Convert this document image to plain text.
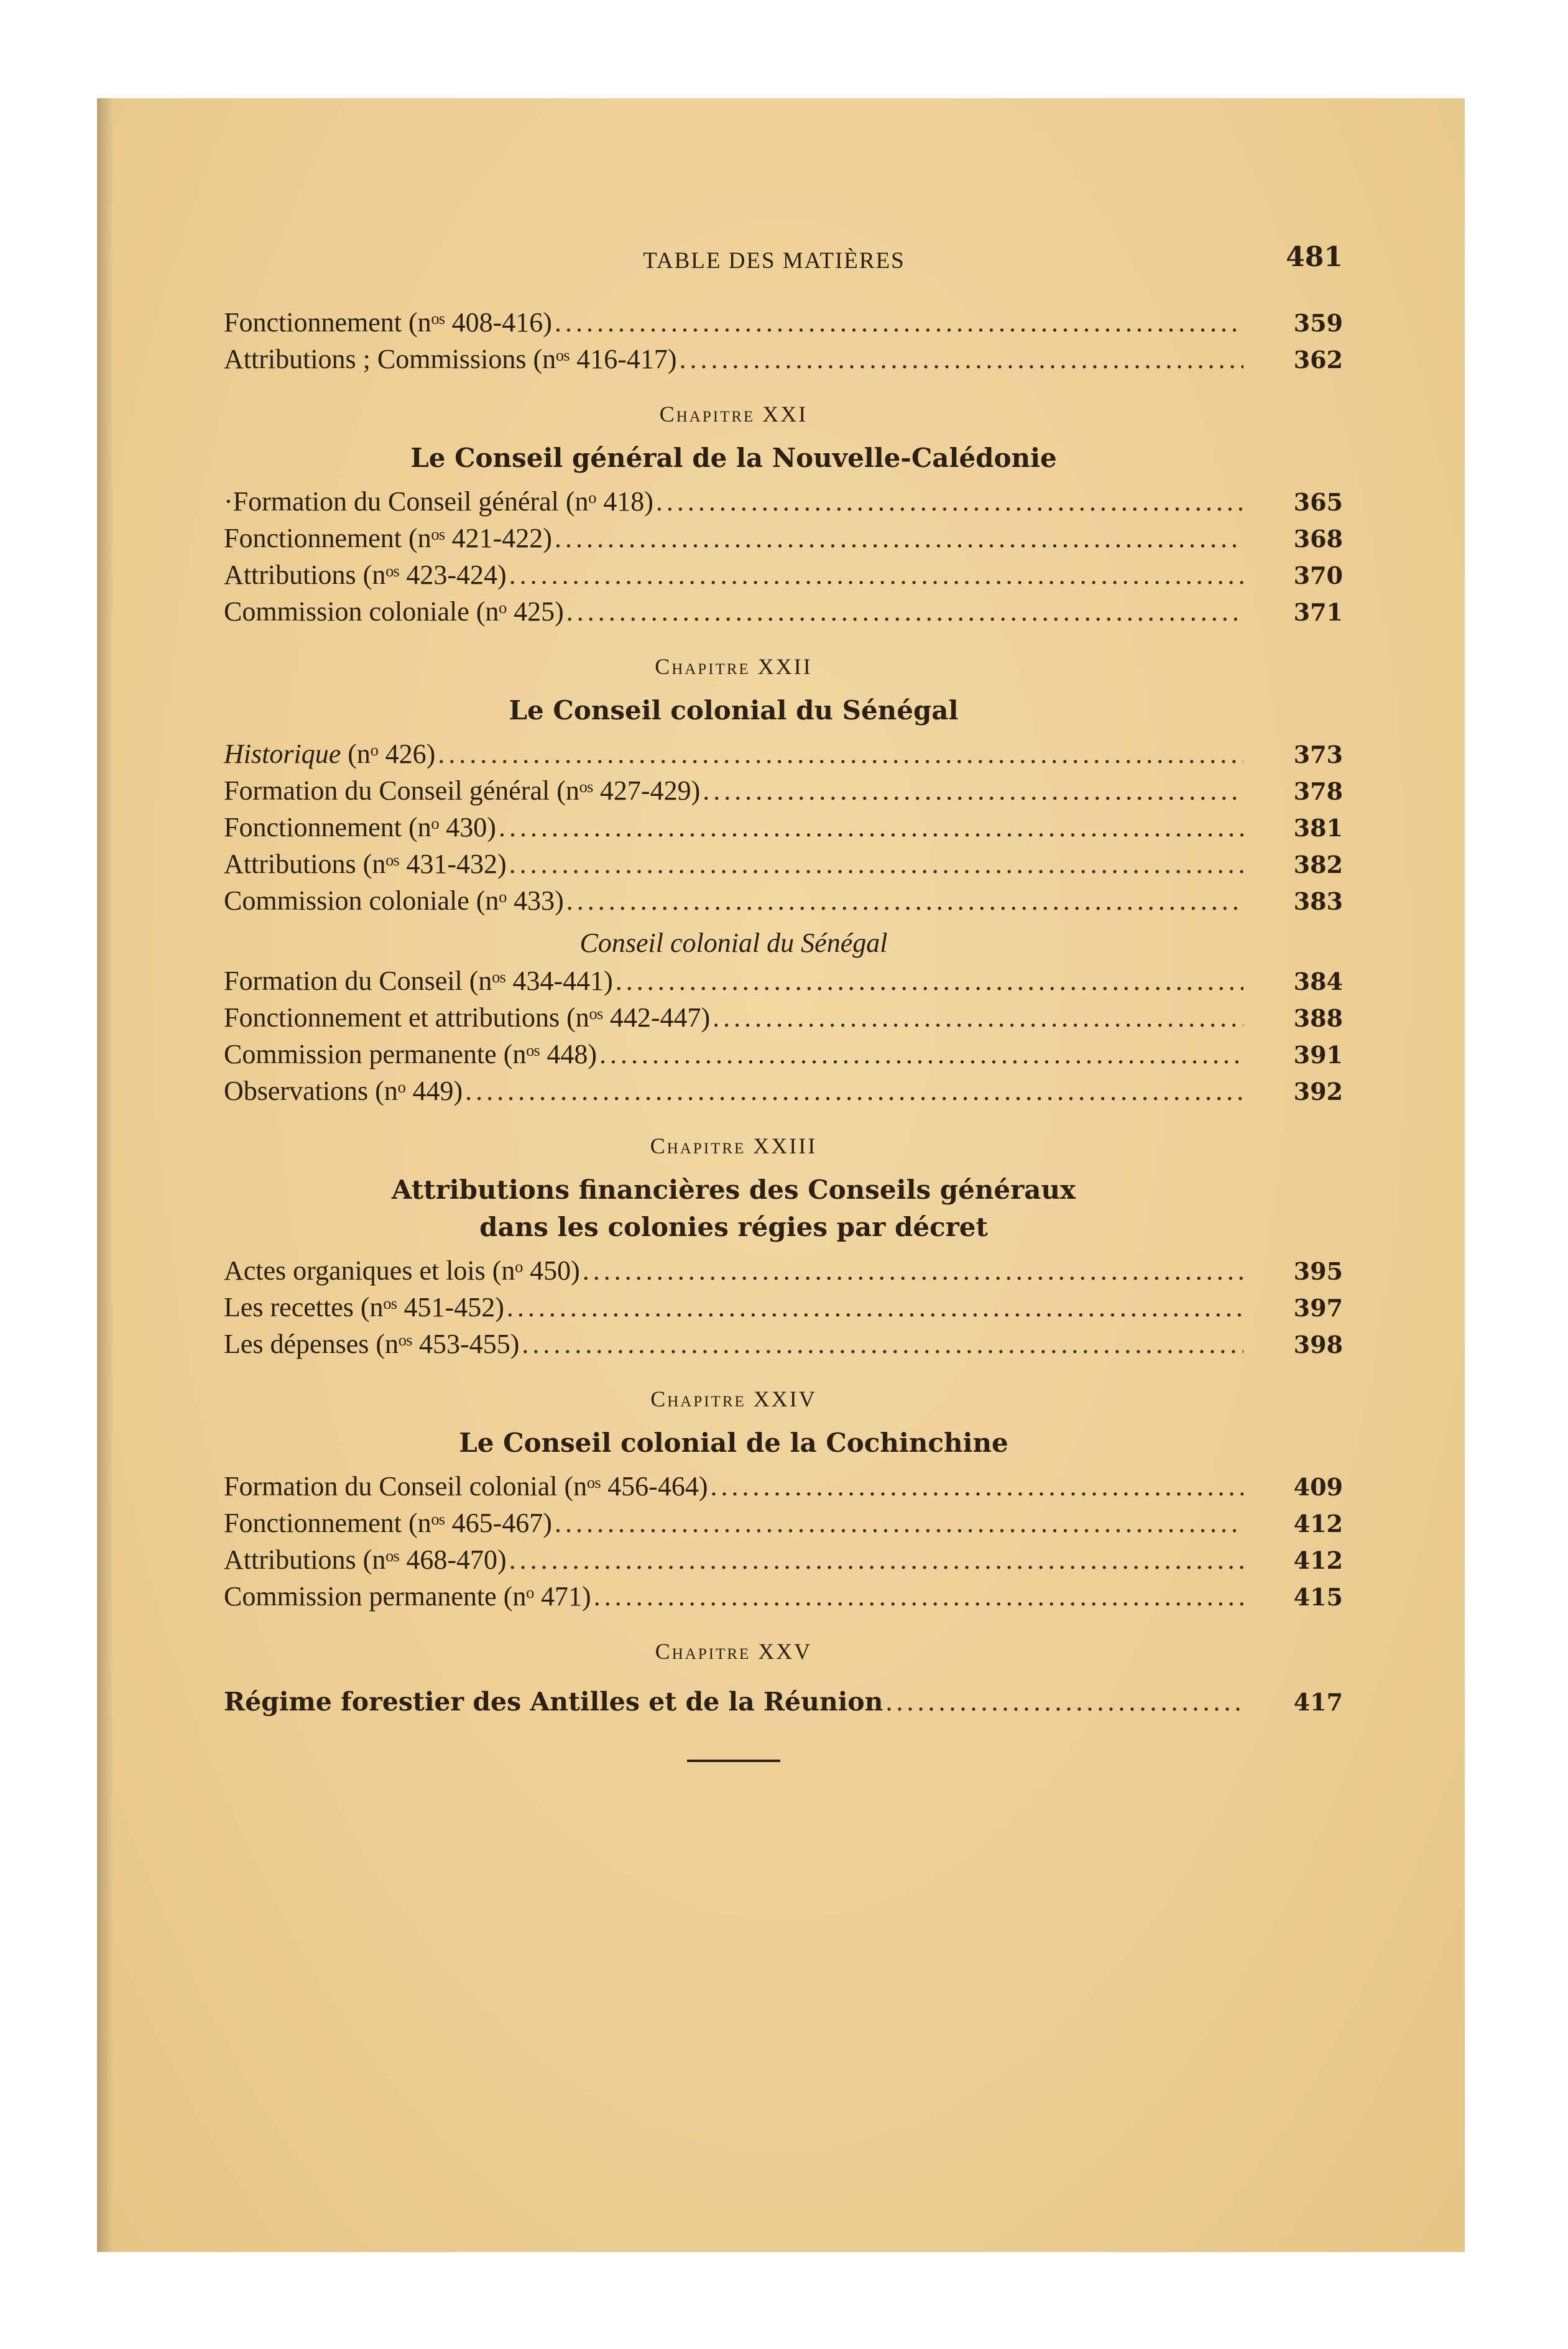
TABLE DES MATIÈRES	481
Fonctionnement (nᵒˢ 408-416) .....	359
Attributions ; Commissions (nᵒˢ 416-417) .....	362
Chapitre XXI
Le Conseil général de la Nouvelle-Calédonie
·Formation du Conseil général (nᵒ 418) .....	365
Fonctionnement (nᵒˢ 421-422) .....	368
Attributions (nᵒˢ 423-424) .....	370
Commission coloniale (nᵒ 425) .....	371
Chapitre XXII
Le Conseil colonial du Sénégal
Historique (nᵒ 426) .....	373
Formation du Conseil général (nᵒˢ 427-429) .....	378
Fonctionnement (nᵒ 430) .....	381
Attributions (nᵒˢ 431-432) .....	382
Commission coloniale (nᵒ 433) .....	383
Conseil colonial du Sénégal
Formation du Conseil (nᵒˢ 434-441) .....	384
Fonctionnement et attributions (nᵒˢ 442-447) .....	388
Commission permanente (nᵒˢ 448) .....	391
Observations (nᵒ 449) .....	392
Chapitre XXIII
Attributions financières des Conseils généraux
dans les colonies régies par décret
Actes organiques et lois (nᵒ 450) .....	395
Les recettes (nᵒˢ 451-452) .....	397
Les dépenses (nᵒˢ 453-455) .....	398
Chapitre XXIV
Le Conseil colonial de la Cochinchine
Formation du Conseil colonial (nᵒˢ 456-464) .....	409
Fonctionnement (nᵒˢ 465-467) .....	412
Attributions (nᵒˢ 468-470) .....	412
Commission permanente (nᵒ 471) .....	415
Chapitre XXV
Régime forestier des Antilles et de la Réunion .....	417
